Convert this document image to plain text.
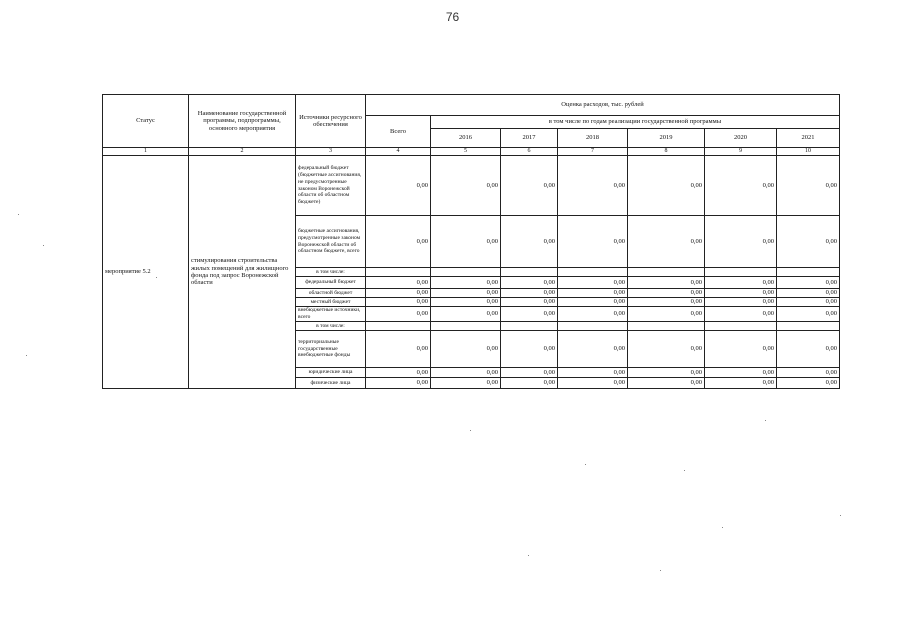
76
Статус	Наименование государственной программы, подпрограммы, основного мероприятия	Источники ресурсного обеспечения	Оценка расходов, тыс. рублей						
			Всего	в том числе по годам реализации государственной программы					
				2016	2017	2018	2019	2020	2021
1	2	3	4	5	6	7	8	9	10
мероприятие 5.2	стимулирования строительства жилых помещений для жилищного фонда под запрос Воронежской области	федеральный бюджет (бюджетные ассигнования, не предусмотренные законом Воронежской области об областном бюджете)	0,00	0,00	0,00	0,00	0,00	0,00	0,00
		бюджетные ассигнования, предусмотренные законом Воронежской области об областном бюджете, всего	0,00	0,00	0,00	0,00	0,00	0,00	0,00
		в том числе:							
		федеральный бюджет	0,00	0,00	0,00	0,00	0,00	0,00	0,00
		областной бюджет	0,00	0,00	0,00	0,00	0,00	0,00	0,00
		местный бюджет	0,00	0,00	0,00	0,00	0,00	0,00	0,00
		внебюджетные источники, всего	0,00	0,00	0,00	0,00	0,00	0,00	0,00
		в том числе:							
		территориальные государственные внебюджетные фонды	0,00	0,00	0,00	0,00	0,00	0,00	0,00
		юридические лица	0,00	0,00	0,00	0,00	0,00	0,00	0,00
		физические лица	0,00	0,00	0,00	0,00	0,00	0,00	0,00
